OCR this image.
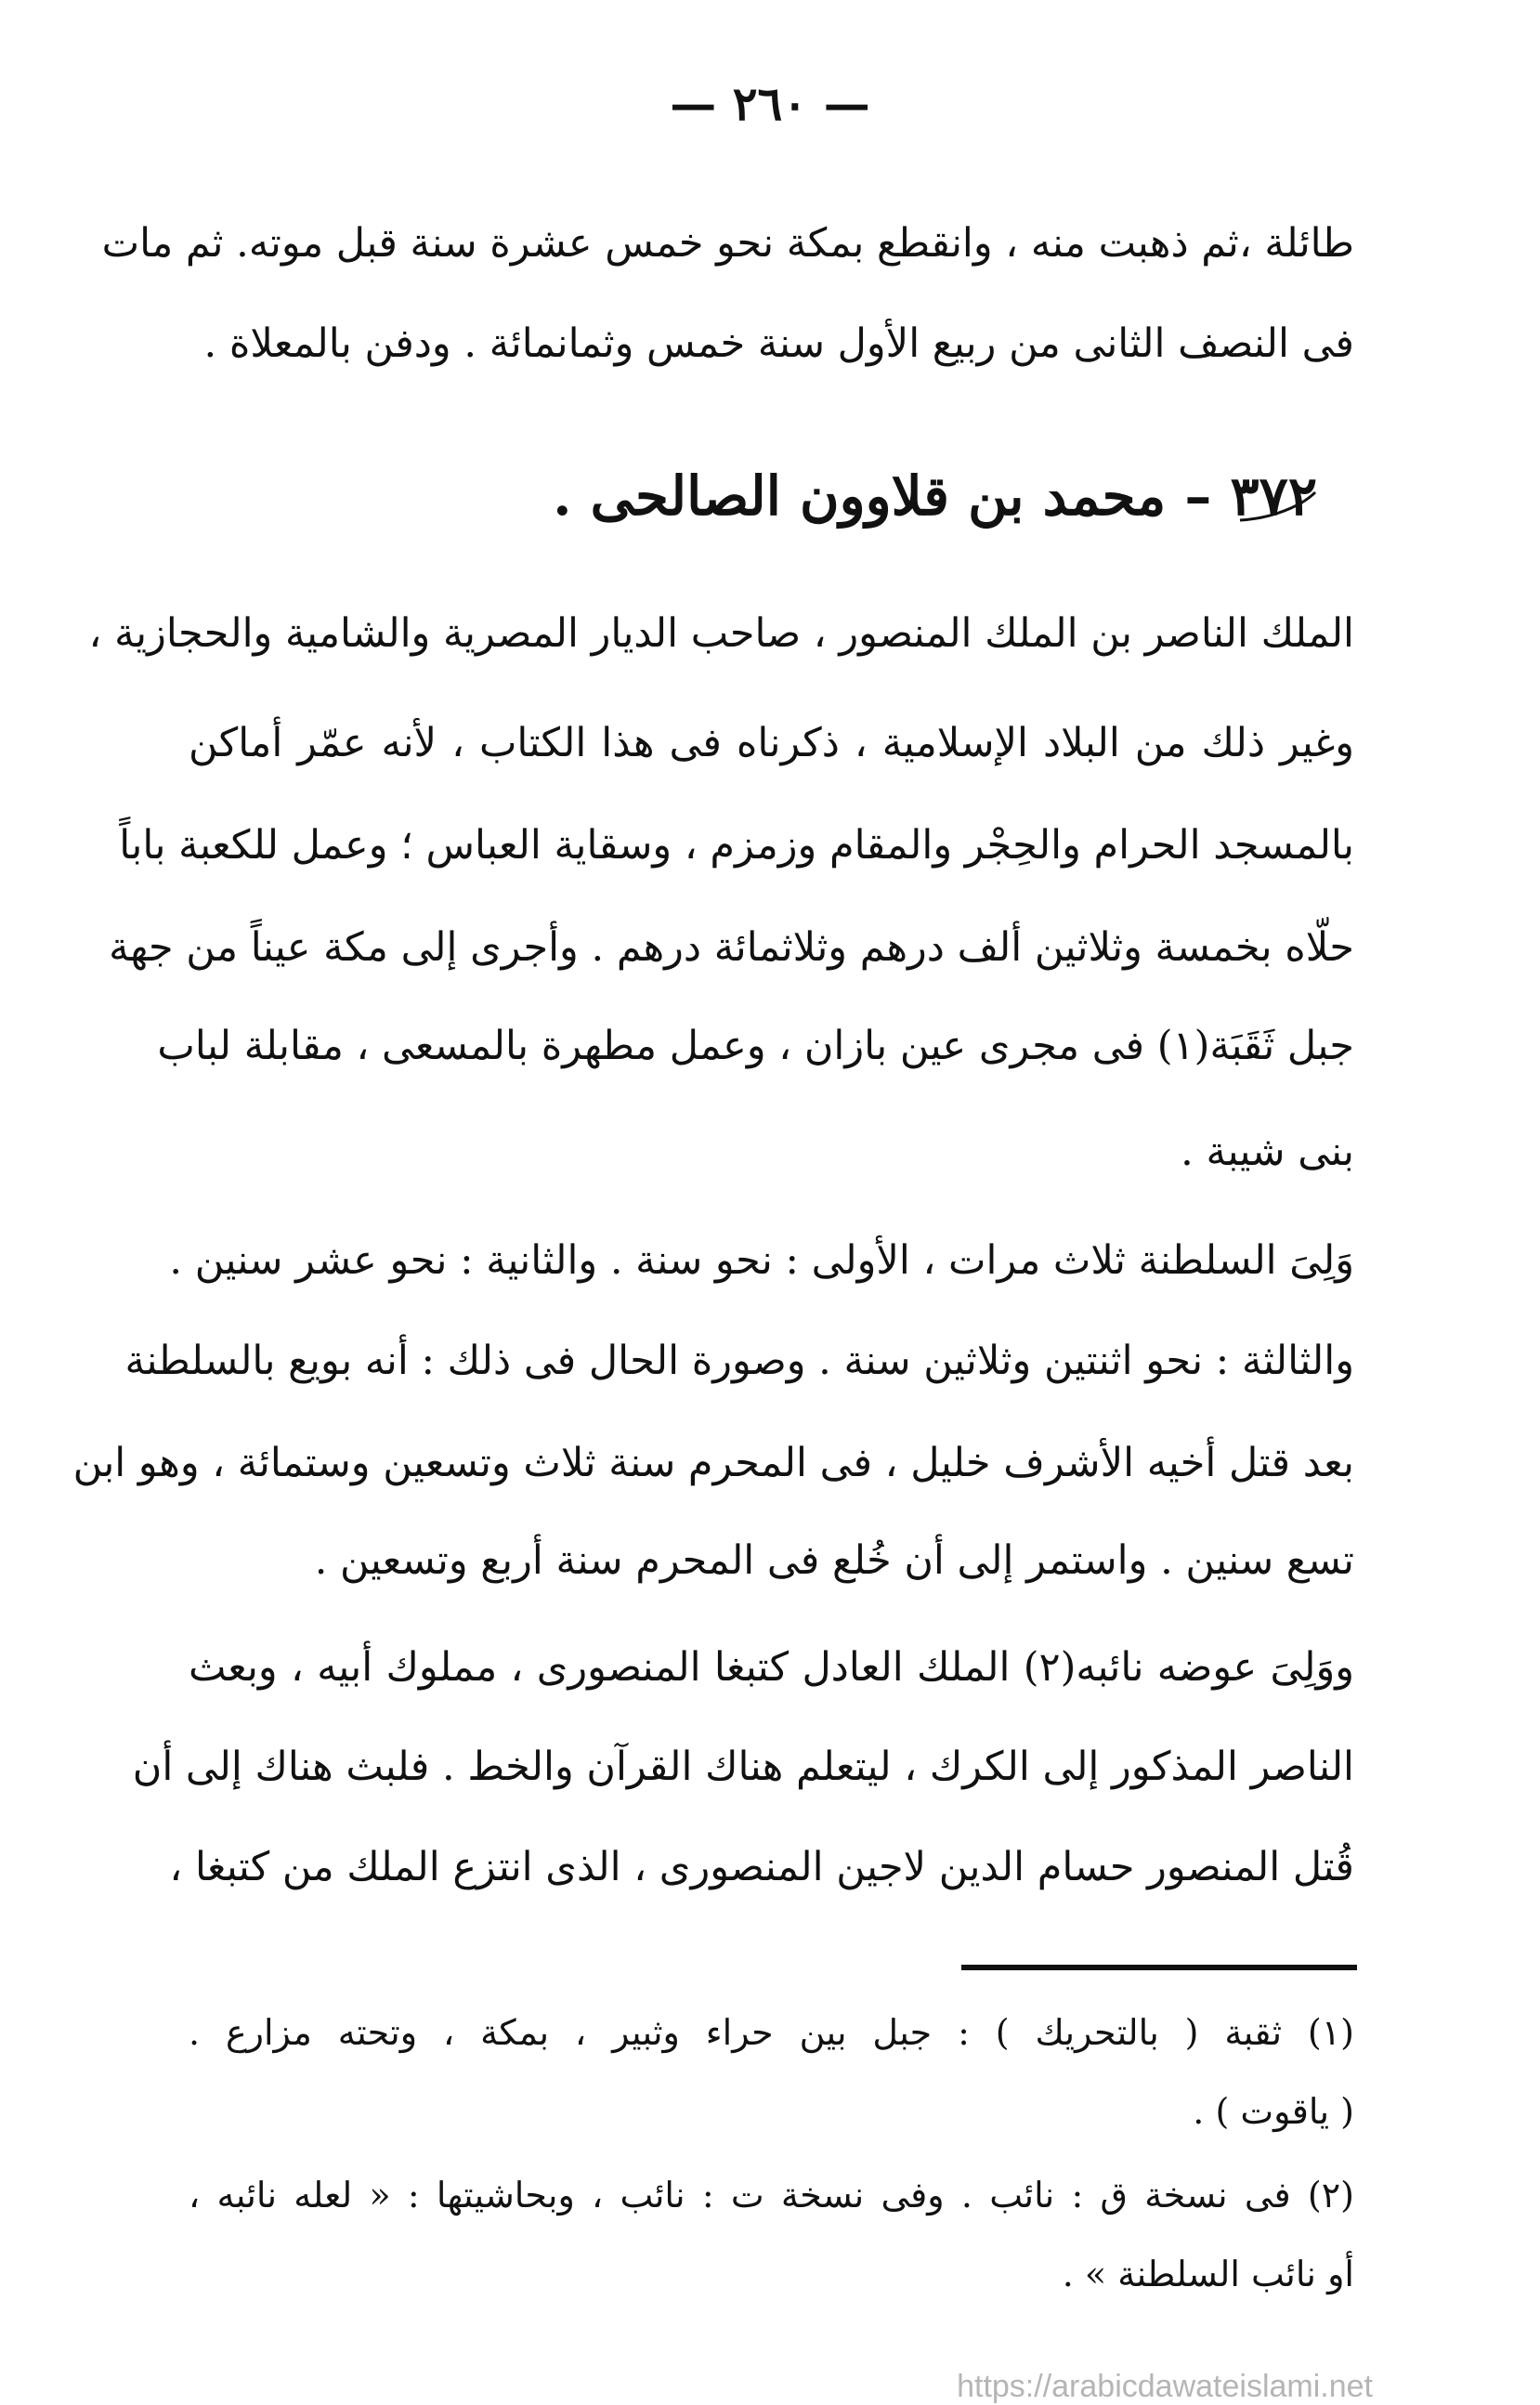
— ٢٦٠ —
طائلة ،ثم ذهبت منه ، وانقطع بمكة نحو خمس عشرة سنة قبل موته. ثم مات
فى النصف الثانى من ربيع الأول سنة خمس وثمانمائة . ودفن بالمعلاة .
٣٧٢ – محمد بن قلاوون الصالحى .
الملك الناصر بن الملك المنصور ، صاحب الديار المصرية والشامية والحجازية ،
وغير ذلك من البلاد الإسلامية ، ذكرناه فى هذا الكتاب ، لأنه عمّر أماكن
بالمسجد الحرام والحِجْر والمقام وزمزم ، وسقاية العباس ؛ وعمل للكعبة باباً
حلّاه بخمسة وثلاثين ألف درهم وثلاثمائة درهم . وأجرى إلى مكة عيناً من جهة
جبل ثَقَبَة(١) فى مجرى عين بازان ، وعمل مطهرة بالمسعى ، مقابلة لباب
بنى شيبة .
وَلِىَ السلطنة ثلاث مرات ، الأولى : نحو سنة . والثانية : نحو عشر سنين .
والثالثة : نحو اثنتين وثلاثين سنة . وصورة الحال فى ذلك : أنه بويع بالسلطنة
بعد قتل أخيه الأشرف خليل ، فى المحرم سنة ثلاث وتسعين وستمائة ، وهو ابن
تسع سنين . واستمر إلى أن خُلع فى المحرم سنة أربع وتسعين .
ووَلِىَ عوضه نائبه(٢) الملك العادل كتبغا المنصورى ، مملوك أبيه ، وبعث
الناصر المذكور إلى الكرك ، ليتعلم هناك القرآن والخط . فلبث هناك إلى أن
قُتل المنصور حسام الدين لاجين المنصورى ، الذى انتزع الملك من كتبغا ،
(١) ثقبة ( بالتحريك ) : جبل بين حراء وثبير ، بمكة ، وتحته مزارع .
( ياقوت ) .
(٢) فى نسخة ق : نائب . وفى نسخة ت : نائب ، وبحاشيتها : « لعله نائبه ،
أو نائب السلطنة » .
https://arabicdawateislami.net
